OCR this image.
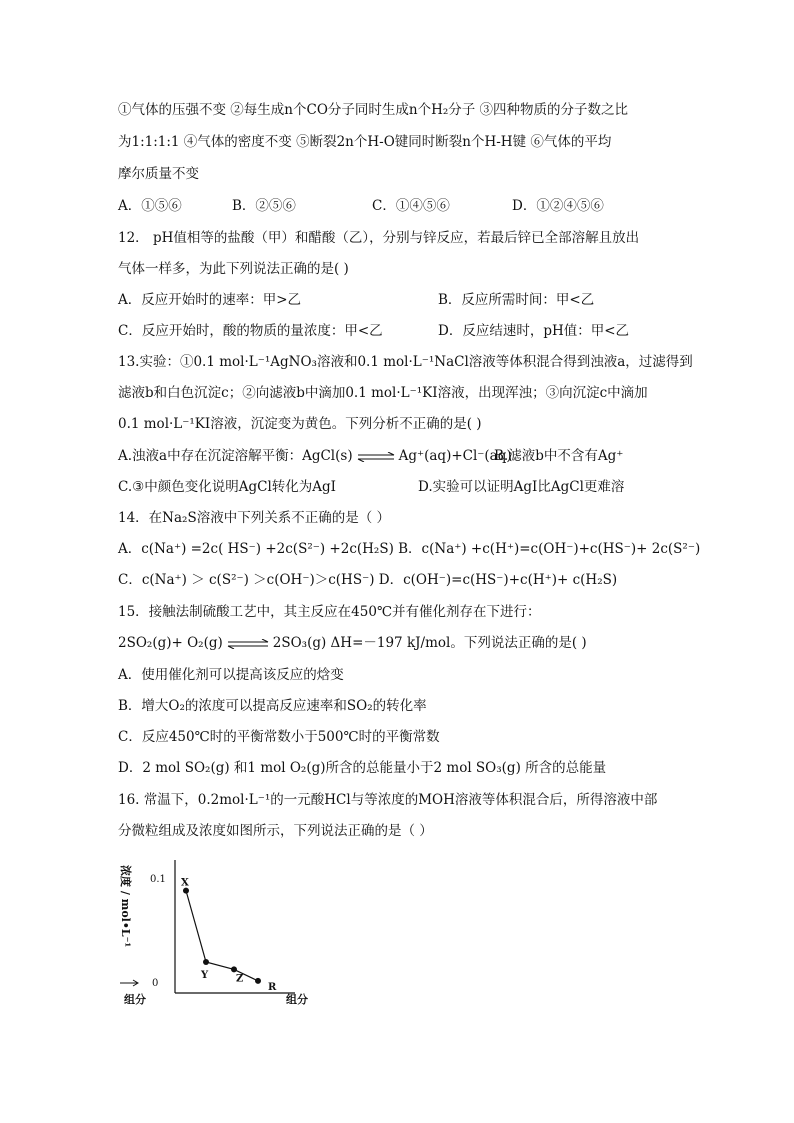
①气体的压强不变 ②每生成n个CO分子同时生成n个H₂分子 ③四种物质的分子数之比
为1:1:1:1 ④气体的密度不变 ⑤断裂2n个H-O键同时断裂n个H-H键 ⑥气体的平均
摩尔质量不变
A．①⑤⑥	B．②⑤⑥	C．①④⑤⑥	D．①②④⑤⑥
12． pH值相等的盐酸（甲）和醋酸（乙），分别与锌反应，若最后锌已全部溶解且放出
气体一样多，为此下列说法正确的是( )
A．反应开始时的速率：甲>乙	B．反应所需时间：甲<乙
C．反应开始时，酸的物质的量浓度：甲<乙	D．反应结速时，pH值：甲<乙
13.实验：①0.1 mol·L⁻¹AgNO₃溶液和0.1 mol·L⁻¹NaCl溶液等体积混合得到浊液a，过滤得到
滤液b和白色沉淀c；②向滤液b中滴加0.1 mol·L⁻¹KI溶液，出现浑浊；③向沉淀c中滴加
0.1 mol·L⁻¹KI溶液，沉淀变为黄色。下列分析不正确的是( )
A.浊液a中存在沉淀溶解平衡：AgCl(s) ⇌ Ag⁺(aq)+Cl⁻(aq)
B.滤液b中不含有Ag⁺
C.③中颜色变化说明AgCl转化为AgI	D.实验可以证明AgI比AgCl更难溶
14．在Na₂S溶液中下列关系不正确的是（ ）
A．c(Na⁺) =2c( HS⁻) +2c(S²⁻) +2c(H₂S) B．c(Na⁺) +c(H⁺)=c(OH⁻)+c(HS⁻)+ 2c(S²⁻)
C．c(Na⁺) ＞ c(S²⁻) ＞c(OH⁻)＞c(HS⁻) D．c(OH⁻)=c(HS⁻)+c(H⁺)+ c(H₂S)
15．接触法制硫酸工艺中，其主反应在450℃并有催化剂存在下进行：
2SO₂(g)+ O₂(g) ⇌ 2SO₃(g) ΔH=－197 kJ/mol。下列说法正确的是( )
A．使用催化剂可以提高该反应的焓变
B．增大O₂的浓度可以提高反应速率和SO₂的转化率
C．反应450℃时的平衡常数小于500℃时的平衡常数
D．2 mol SO₂(g) 和1 mol O₂(g)所含的总能量小于2 mol SO₃(g) 所含的总能量
16. 常温下，0.2mol·L⁻¹的一元酸HCl与等浓度的MOH溶液等体积混合后，所得溶液中部
分微粒组成及浓度如图所示，下列说法正确的是（ ）
浓度 / mol•L⁻¹ 0.1
0
组分	组分
X
Y	Z
R
